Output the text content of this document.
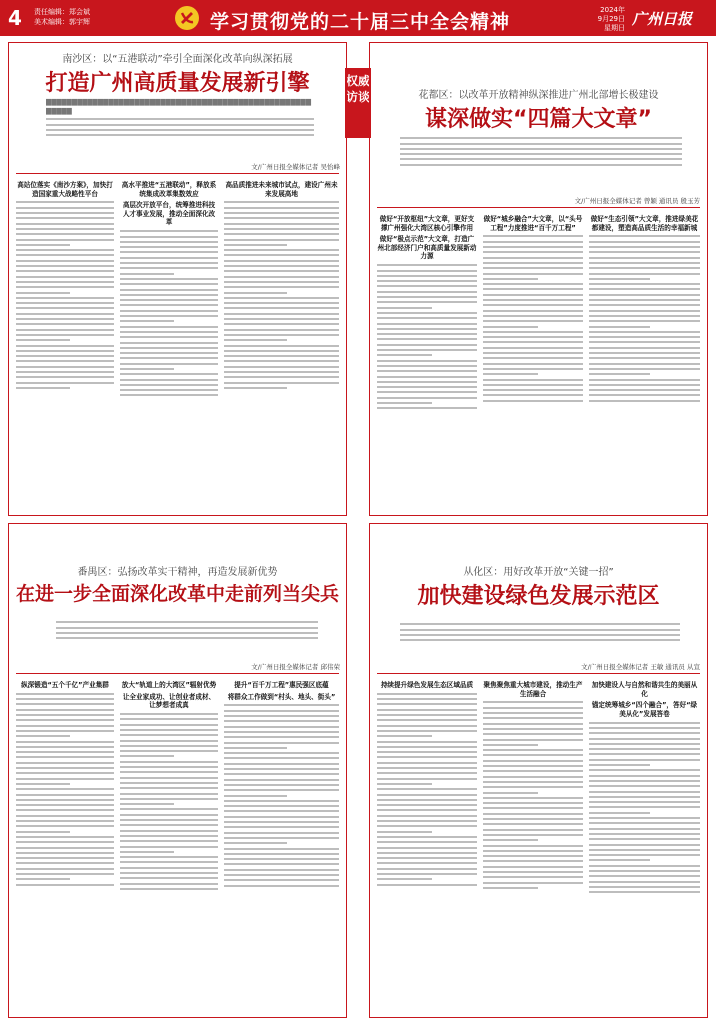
4 责任编辑：郑会斌
美术编辑：郭宇辉	学习贯彻党的二十届三中全会精神
2024年
9月29日
星期日 广州日报
权威访谈
南沙区：以“五港联动”牵引全面深化改革向纵深拓展
打造广州高质量发展新引擎
▇▇▇▇▇▇▇▇▇▇▇▇▇▇▇▇▇▇▇▇▇▇▇▇▇▇▇▇▇▇▇▇▇▇▇▇▇▇▇▇▇▇▇▇▇▇▇▇▇▇▇▇▇▇▇▇
文/广州日报全媒体记者 吴怡峰
高站位落实《南沙方案》，加快打造国家重大战略性平台
高水平推进“五港联动”，释放系统集成改革集数效应
高层次开放平台，统筹推进科技人才事业发展，推动全面深化改革
高品质推进未来城市试点，建设广州未来发展高地
花都区：以改革开放精神纵深推进广州北部增长极建设
谋深做实“四篇大文章”
文/广州日报全媒体记者 曾颖 通讯员 殷玉芳
做好“开放枢纽”大文章，更好支撑广州强化大湾区核心引擎作用
做好“极点示范”大文章，打造广州北部经济门户和高质量发展新动力源
做好“城乡融合”大文章，以“头号工程”力度推进“百千万工程”
做好“生态引领”大文章，推进绿美花都建设，塑造高品质生活的幸福新城
番禺区：弘扬改革实干精神，再造发展新优势
在进一步全面深化改革中走前列当尖兵
文/广州日报全媒体记者 邱伟荣
纵深锻造“五个千亿”产业集群	放大“轨道上的大湾区”辐射优势
让全业家成功、让创业者成材、让梦想者成真
提升“百千万工程”惠民强区底蕴
将群众工作做到“村头、地头、街头”
从化区：用好改革开放“关键一招”
加快建设绿色发展示范区
文/广州日报全媒体记者 王敏 通讯员 从宣
持续提升绿色发展生态区域品质	聚焦聚焦重大城市建设，推动生产生活融合
加快建设人与自然和谐共生的美丽从化
锚定统筹城乡“四个融合”，答好“绿美从化”发展答卷
